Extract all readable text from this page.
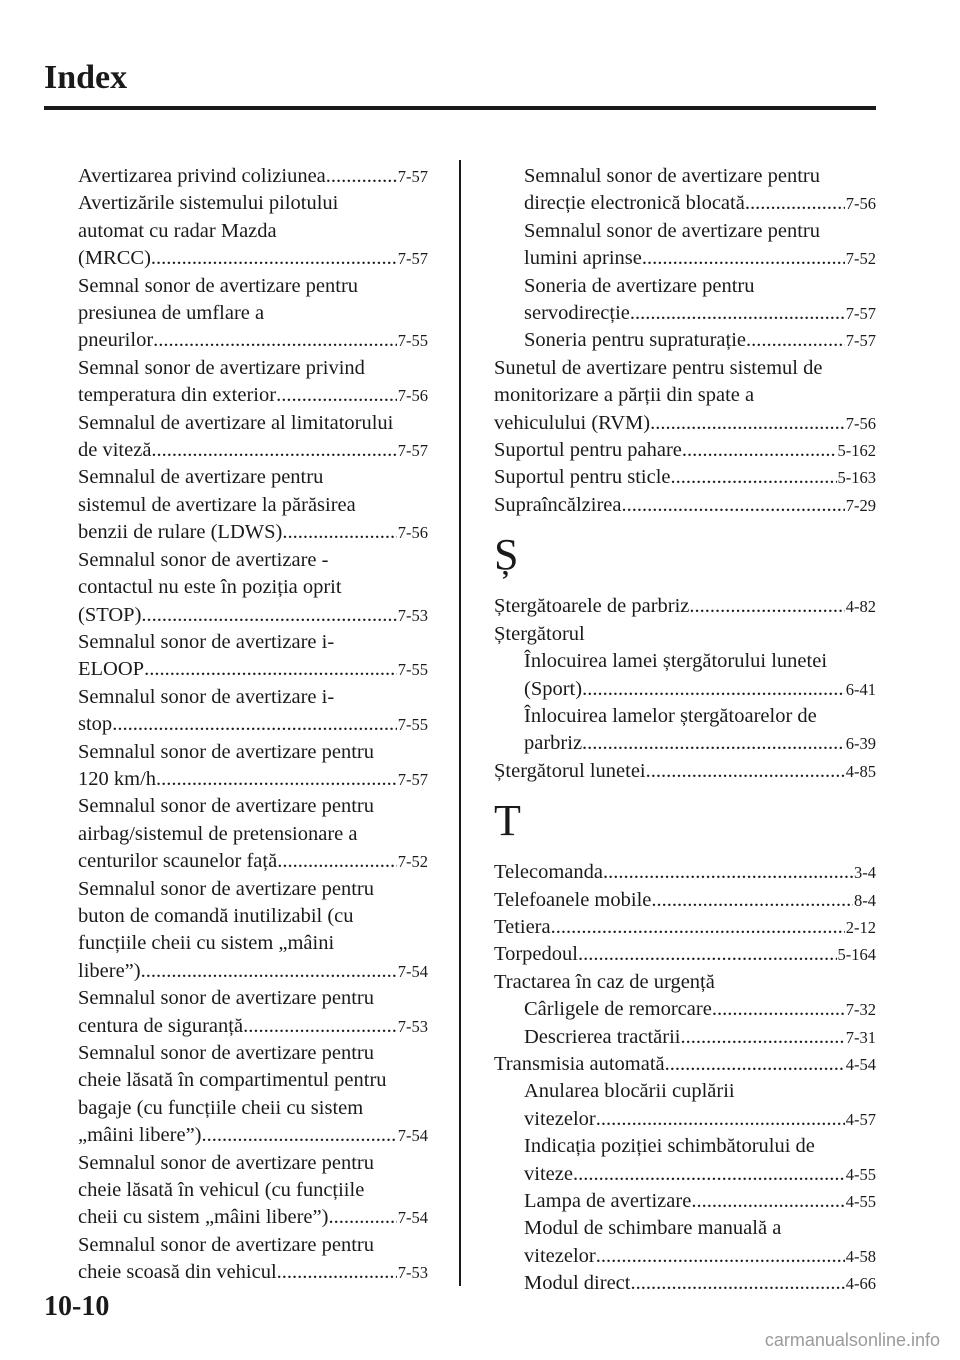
Index
Avertizarea privind coliziunea .....	7-57
Avertizările sistemului pilotului
automat cu radar Mazda
(MRCC) .....	7-57
Semnal sonor de avertizare pentru
presiunea de umflare a
pneurilor .....	7-55
Semnal sonor de avertizare privind
temperatura din exterior .....	7-56
Semnalul de avertizare al limitatorului
de viteză .....	7-57
Semnalul de avertizare pentru
sistemul de avertizare la părăsirea
benzii de rulare (LDWS) .....	7-56
Semnalul sonor de avertizare -
contactul nu este în poziția oprit
(STOP) .....	7-53
Semnalul sonor de avertizare i-
ELOOP .....	7-55
Semnalul sonor de avertizare i-
stop .....	7-55
Semnalul sonor de avertizare pentru
120 km/h .....	7-57
Semnalul sonor de avertizare pentru
airbag/sistemul de pretensionare a
centurilor scaunelor față .....	7-52
Semnalul sonor de avertizare pentru
buton de comandă inutilizabil (cu
funcțiile cheii cu sistem „mâini
libere”) .....	7-54
Semnalul sonor de avertizare pentru
centura de siguranță .....	7-53
Semnalul sonor de avertizare pentru
cheie lăsată în compartimentul pentru
bagaje (cu funcțiile cheii cu sistem
„mâini libere”) .....	7-54
Semnalul sonor de avertizare pentru
cheie lăsată în vehicul (cu funcțiile
cheii cu sistem „mâini libere”) .....	7-54
Semnalul sonor de avertizare pentru
cheie scoasă din vehicul .....	7-53
Semnalul sonor de avertizare pentru
direcție electronică blocată .....	7-56
Semnalul sonor de avertizare pentru
lumini aprinse .....	7-52
Soneria de avertizare pentru
servodirecție .....	7-57
Soneria pentru supraturație .....	7-57
Sunetul de avertizare pentru sistemul de
monitorizare a părții din spate a
vehiculului (RVM) .....	7-56
Suportul pentru pahare .....	5-162
Suportul pentru sticle .....	5-163
Supraîncălzirea .....	7-29
Ș
Ștergătoarele de parbriz .....	4-82
Ștergătorul
Înlocuirea lamei ștergătorului lunetei
(Sport) .....	6-41
Înlocuirea lamelor ștergătoarelor de
parbriz .....	6-39
Ștergătorul lunetei .....	4-85
T
Telecomanda .....	3-4
Telefoanele mobile .....	8-4
Tetiera .....	2-12
Torpedoul .....	5-164
Tractarea în caz de urgență
Cârligele de remorcare .....	7-32
Descrierea tractării .....	7-31
Transmisia automată .....	4-54
Anularea blocării cuplării
vitezelor .....	4-57
Indicația poziției schimbătorului de
viteze .....	4-55
Lampa de avertizare .....	4-55
Modul de schimbare manuală a
vitezelor .....	4-58
Modul direct .....	4-66
10-10
carmanualsonline.info
